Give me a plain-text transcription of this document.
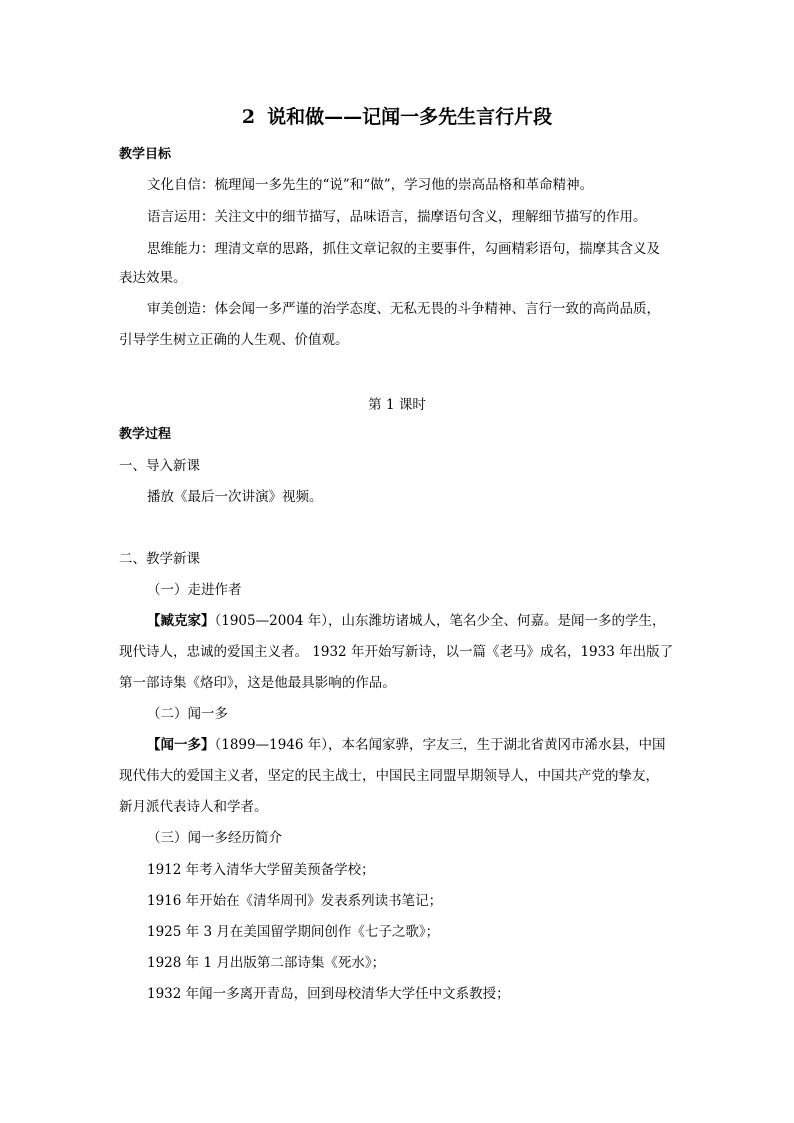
2 说和做——记闻一多先生言行片段
教学目标
文化自信：梳理闻一多先生的“说”和“做”，学习他的崇高品格和革命精神。
语言运用：关注文中的细节描写，品味语言，揣摩语句含义，理解细节描写的作用。
思维能力：理清文章的思路，抓住文章记叙的主要事件，勾画精彩语句，揣摩其含义及
表达效果。
审美创造：体会闻一多严谨的治学态度、无私无畏的斗争精神、言行一致的高尚品质，
引导学生树立正确的人生观、价值观。
第 1 课时
教学过程
一、导入新课
播放《最后一次讲演》视频。
二、教学新课
（一）走进作者
【臧克家】（1905—2004 年），山东潍坊诸城人，笔名少全、何嘉。是闻一多的学生，
现代诗人，忠诚的爱国主义者。 1932 年开始写新诗，以一篇《老马》成名，1933 年出版了
第一部诗集《烙印》，这是他最具影响的作品。
（二）闻一多
【闻一多】（1899—1946 年），本名闻家骅，字友三，生于湖北省黄冈市浠水县，中国
现代伟大的爱国主义者，坚定的民主战士，中国民主同盟早期领导人，中国共产党的挚友，
新月派代表诗人和学者。
（三）闻一多经历简介
1912 年考入清华大学留美预备学校；
1916 年开始在《清华周刊》发表系列读书笔记；
1925 年 3 月在美国留学期间创作《七子之歌》；
1928 年 1 月出版第二部诗集《死水》；
1932 年闻一多离开青岛，回到母校清华大学任中文系教授；
